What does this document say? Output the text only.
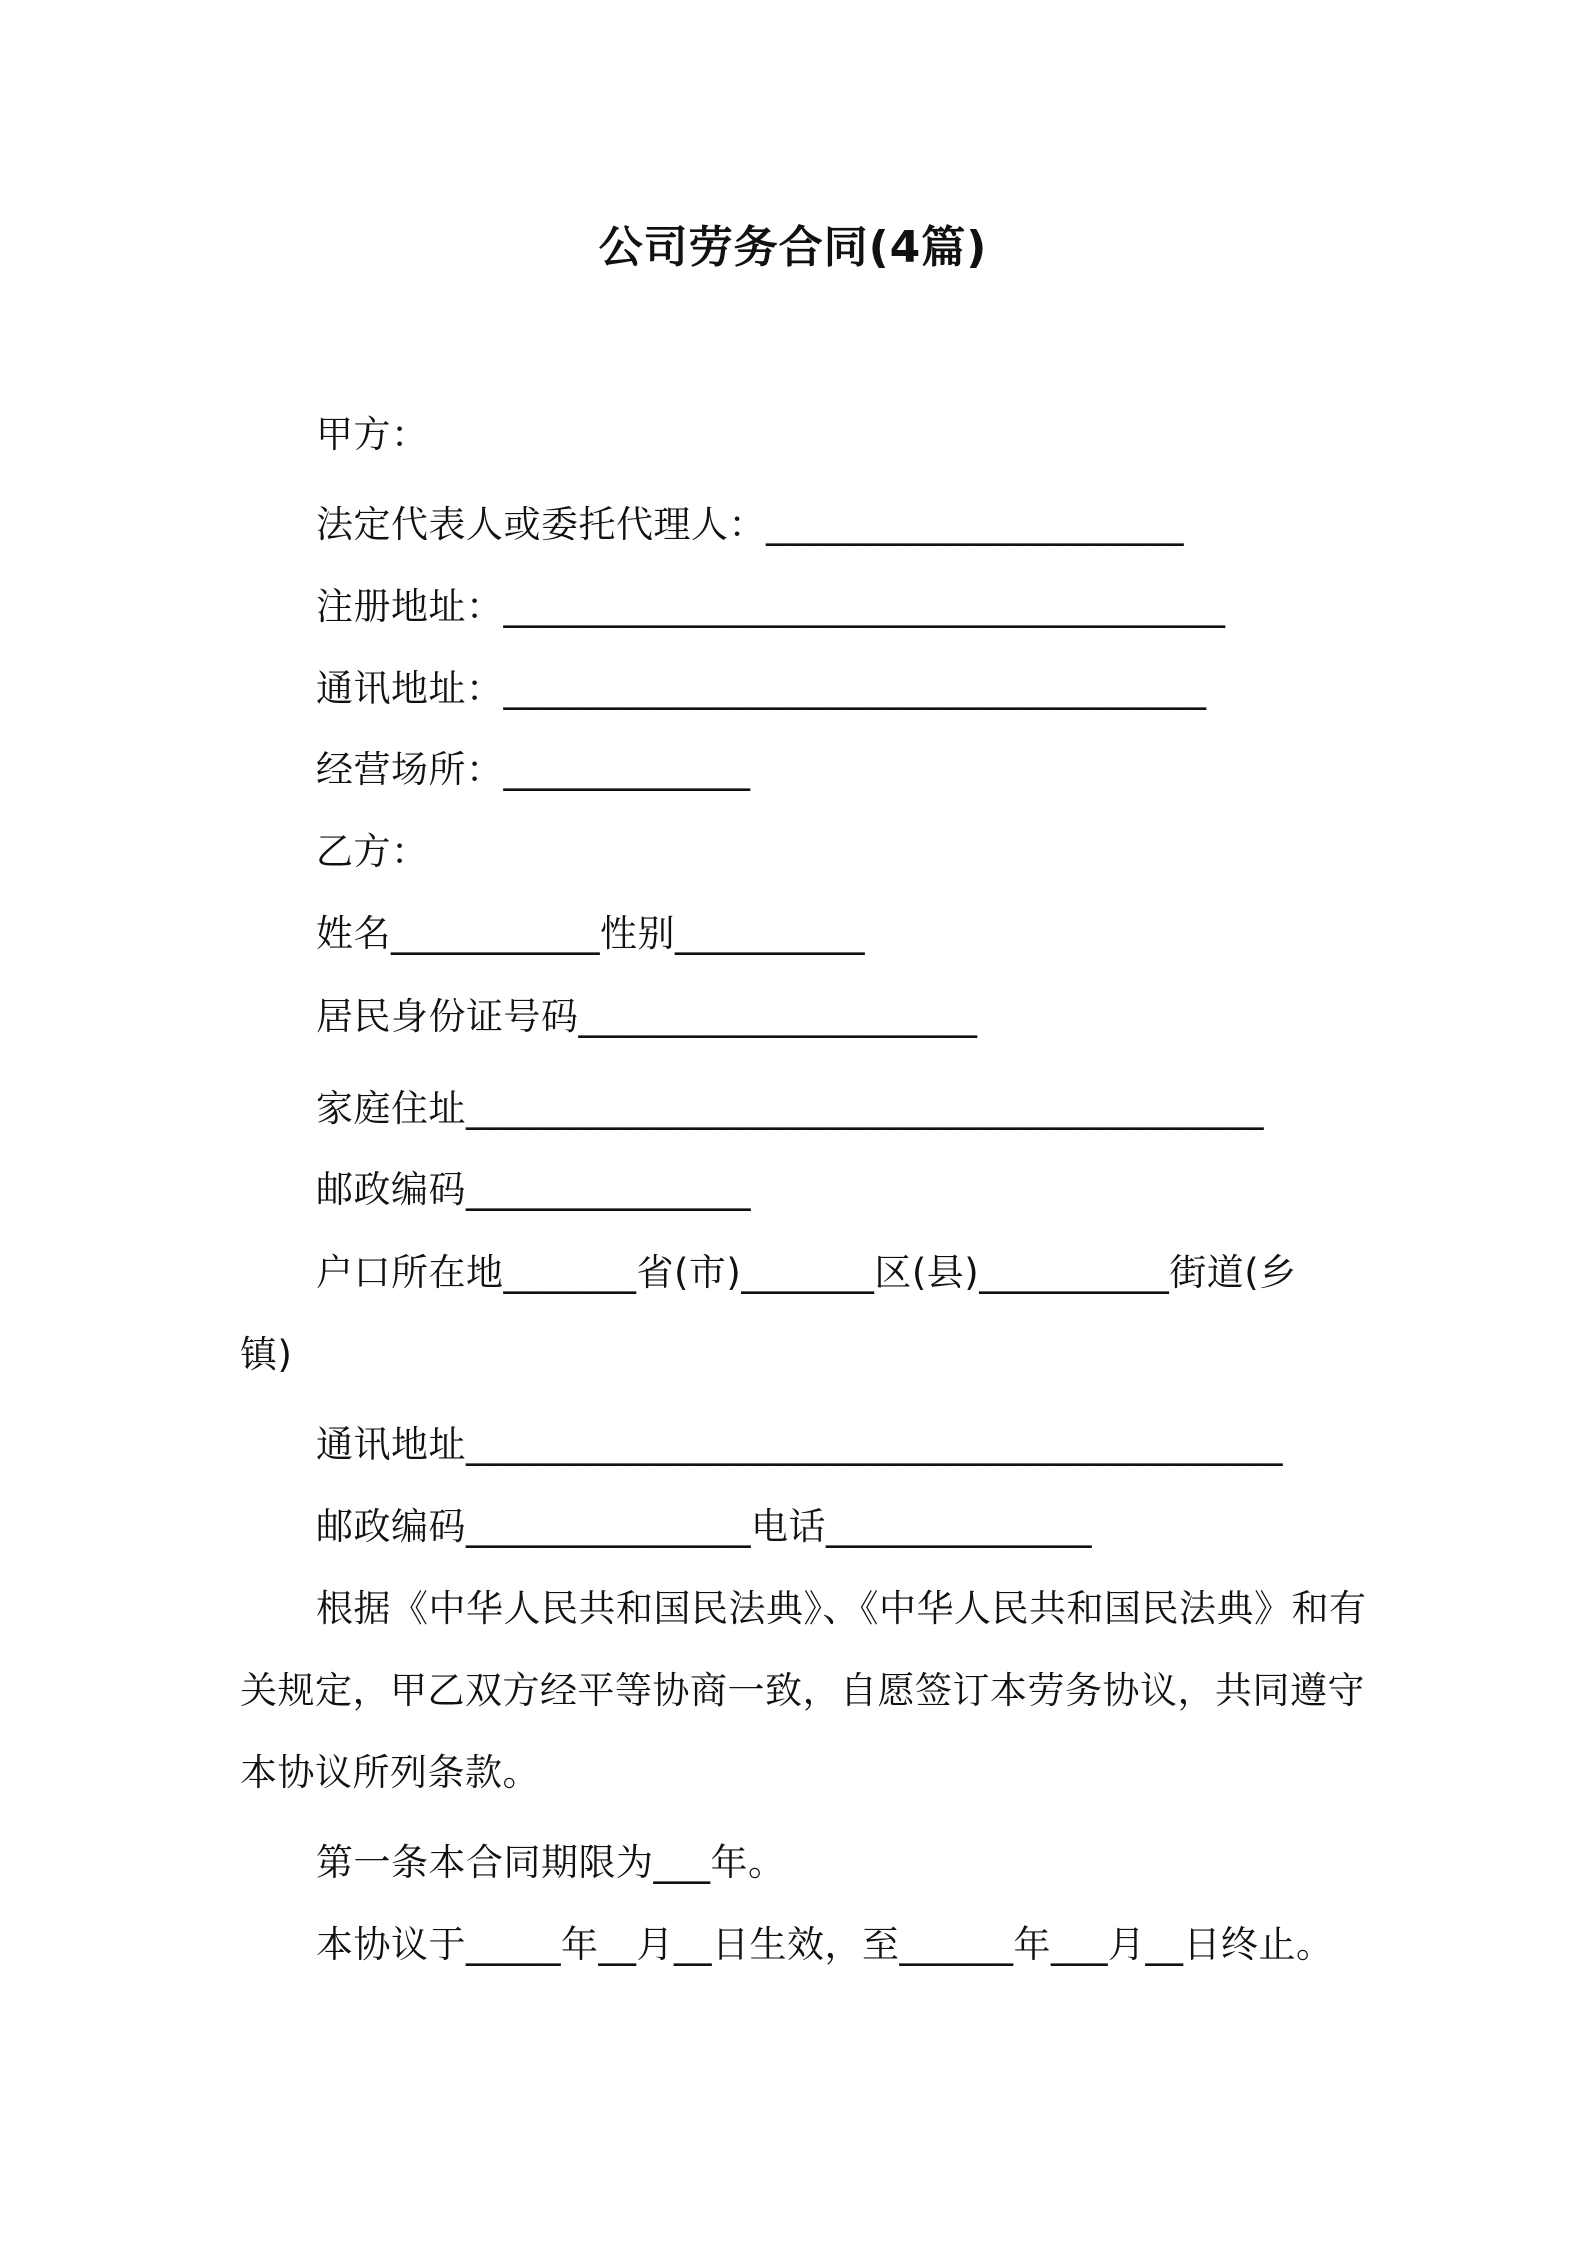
公司劳务合同(4篇)
甲方：
法定代表人或委托代理人：______________________
注册地址：______________________________________
通讯地址：_____________________________________
经营场所：_____________
乙方：
姓名___________性别__________
居民身份证号码_____________________
家庭住址__________________________________________
邮政编码_______________
户口所在地_______省(市)_______区(县)__________街道(乡
镇)
通讯地址___________________________________________
邮政编码_______________电话______________
根据《中华人民共和国民法典》、《中华人民共和国民法典》和有
关规定，甲乙双方经平等协商一致，自愿签订本劳务协议，共同遵守
本协议所列条款。
第一条本合同期限为___年。
本协议于_____年__月__日生效，至______年___月__日终止。
